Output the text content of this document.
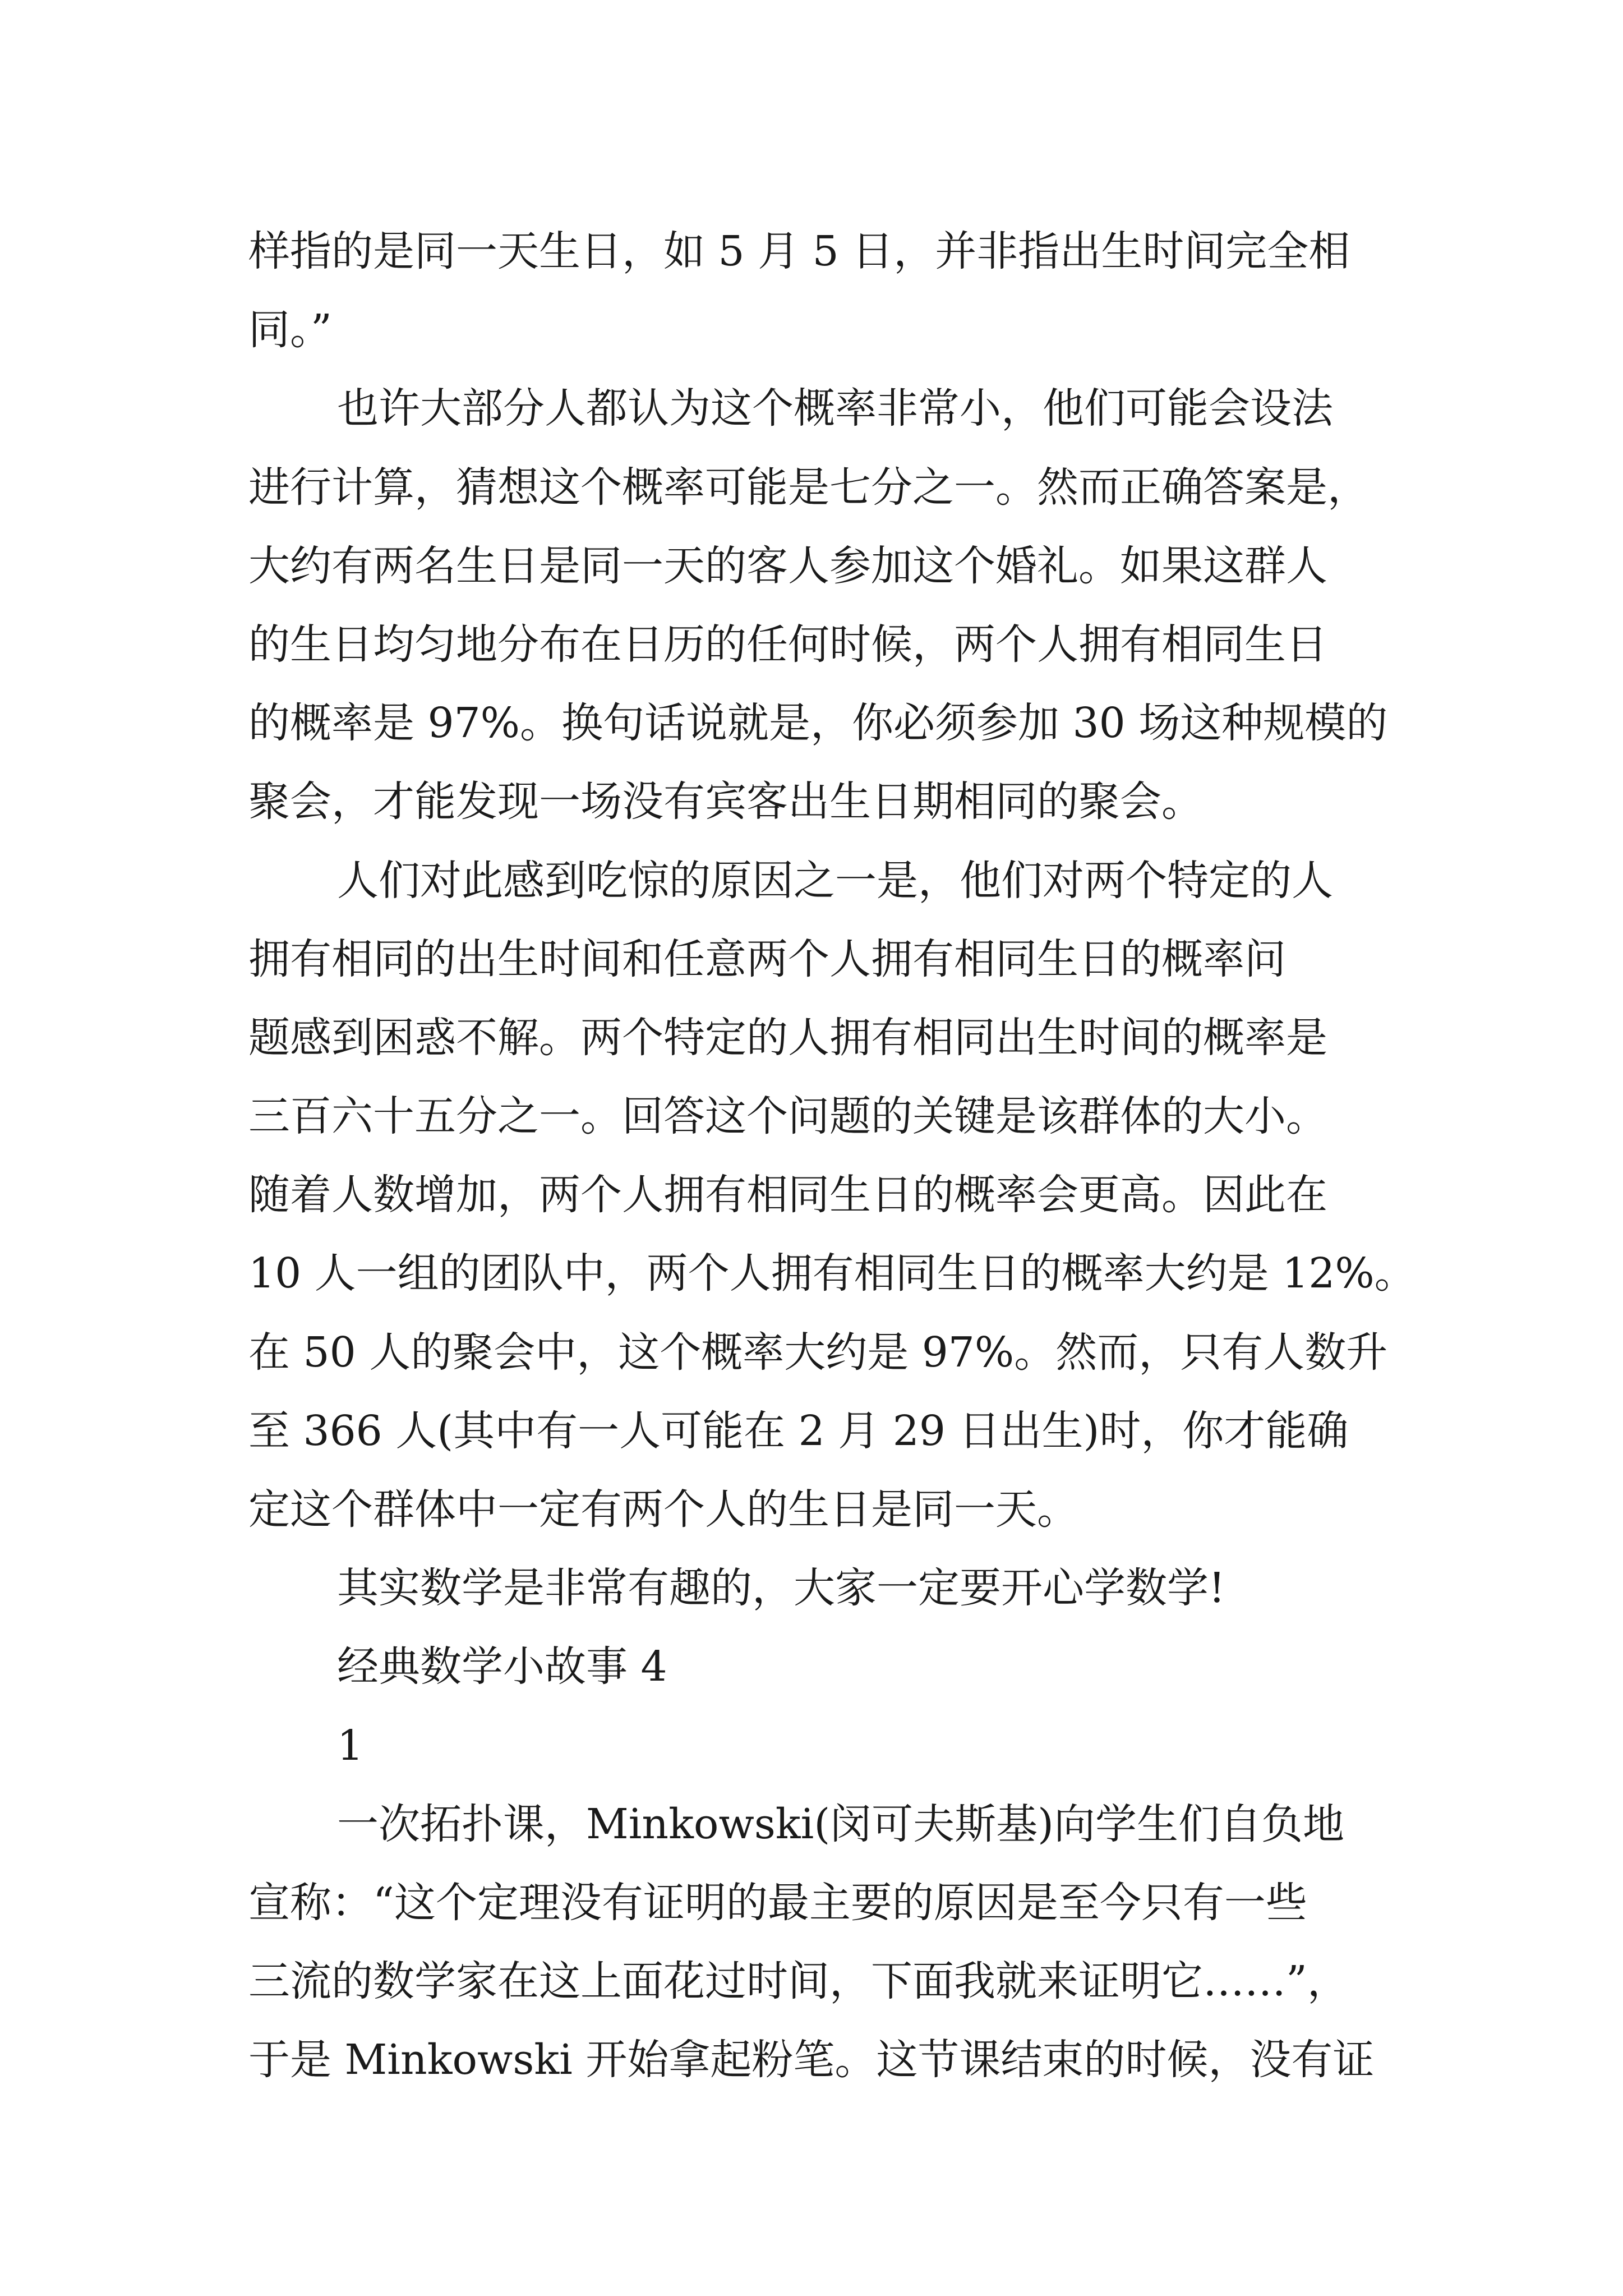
样指的是同一天生日，如 5 月 5 日，并非指出生时间完全相
同。”
也许大部分人都认为这个概率非常小，他们可能会设法
进行计算，猜想这个概率可能是七分之一。然而正确答案是，
大约有两名生日是同一天的客人参加这个婚礼。如果这群人
的生日均匀地分布在日历的任何时候，两个人拥有相同生日
的概率是 97%。换句话说就是，你必须参加 30 场这种规模的
聚会，才能发现一场没有宾客出生日期相同的聚会。
人们对此感到吃惊的原因之一是，他们对两个特定的人
拥有相同的出生时间和任意两个人拥有相同生日的概率问
题感到困惑不解。两个特定的人拥有相同出生时间的概率是
三百六十五分之一。回答这个问题的关键是该群体的大小。
随着人数增加，两个人拥有相同生日的概率会更高。因此在
10 人一组的团队中，两个人拥有相同生日的概率大约是 12%。
在 50 人的聚会中，这个概率大约是 97%。然而，只有人数升
至 366 人(其中有一人可能在 2 月 29 日出生)时，你才能确
定这个群体中一定有两个人的生日是同一天。
其实数学是非常有趣的，大家一定要开心学数学!
经典数学小故事 4
1
一次拓扑课，Minkowski(闵可夫斯基)向学生们自负地
宣称：“这个定理没有证明的最主要的原因是至今只有一些
三流的数学家在这上面花过时间，下面我就来证明它……”，
于是 Minkowski 开始拿起粉笔。这节课结束的时候，没有证
